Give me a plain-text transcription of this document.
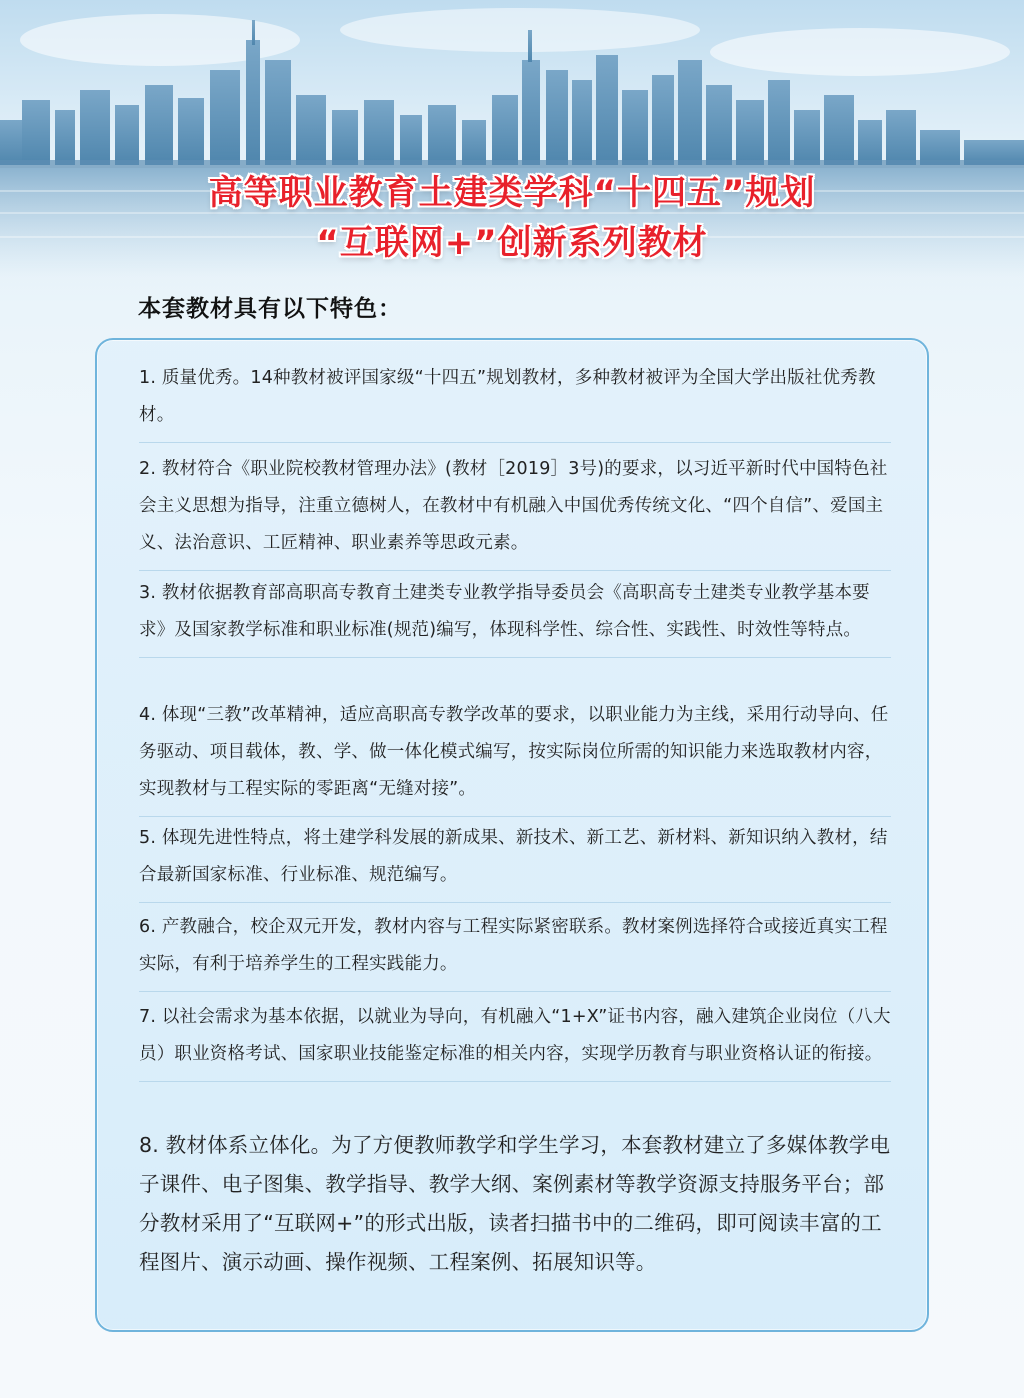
高等职业教育土建类学科“十四五”规划
“互联网+”创新系列教材
本套教材具有以下特色：
1. 质量优秀。14种教材被评国家级“十四五”规划教材，多种教材被评为全国大学出版社优秀教材。
2. 教材符合《职业院校教材管理办法》(教材［2019］3号)的要求，以习近平新时代中国特色社会主义思想为指导，注重立德树人，在教材中有机融入中国优秀传统文化、“四个自信”、爱国主义、法治意识、工匠精神、职业素养等思政元素。
3. 教材依据教育部高职高专教育土建类专业教学指导委员会《高职高专土建类专业教学基本要求》及国家教学标准和职业标准(规范)编写，体现科学性、综合性、实践性、时效性等特点。
4. 体现“三教”改革精神，适应高职高专教学改革的要求，以职业能力为主线，采用行动导向、任务驱动、项目载体，教、学、做一体化模式编写，按实际岗位所需的知识能力来选取教材内容，实现教材与工程实际的零距离“无缝对接”。
5. 体现先进性特点，将土建学科发展的新成果、新技术、新工艺、新材料、新知识纳入教材，结合最新国家标准、行业标准、规范编写。
6. 产教融合，校企双元开发，教材内容与工程实际紧密联系。教材案例选择符合或接近真实工程实际，有利于培养学生的工程实践能力。
7. 以社会需求为基本依据，以就业为导向，有机融入“1+X”证书内容，融入建筑企业岗位（八大员）职业资格考试、国家职业技能鉴定标准的相关内容，实现学历教育与职业资格认证的衔接。
8. 教材体系立体化。为了方便教师教学和学生学习，本套教材建立了多媒体教学电子课件、电子图集、教学指导、教学大纲、案例素材等教学资源支持服务平台；部分教材采用了“互联网+”的形式出版，读者扫描书中的二维码，即可阅读丰富的工程图片、演示动画、操作视频、工程案例、拓展知识等。
